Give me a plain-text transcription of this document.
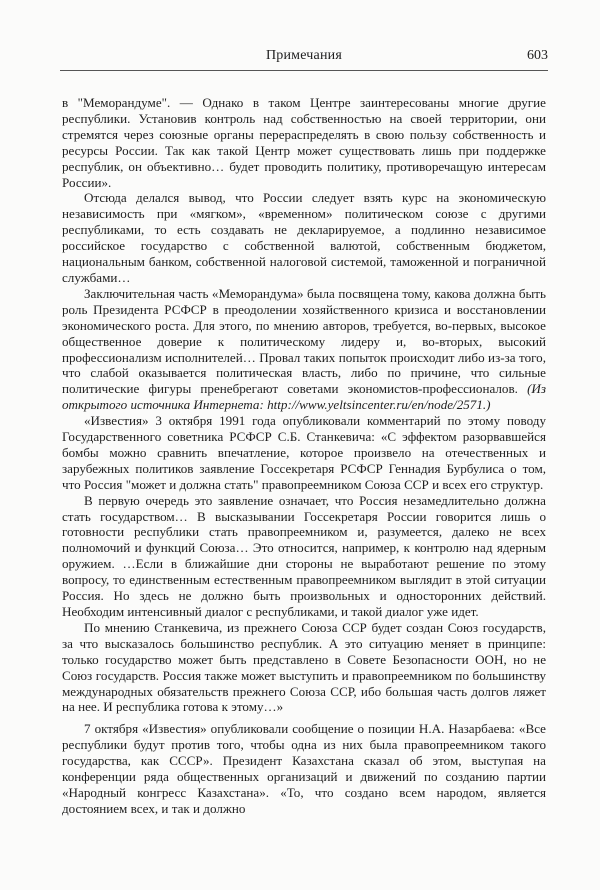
Примечания	603

в "Меморандуме". — Однако в таком Центре заинтересованы многие другие республики. Установив контроль над собственностью на своей территории, они стремятся через союзные органы перераспределять в свою пользу собственность и ресурсы России. Так как такой Центр может существовать лишь при поддержке республик, он объективно… будет проводить политику, противоречащую интересам России».

Отсюда делался вывод, что России следует взять курс на экономическую независимость при «мягком», «временном» политическом союзе с другими республиками, то есть создавать не декларируемое, а подлинно независимое российское государство с собственной валютой, собственным бюджетом, национальным банком, собственной налоговой системой, таможенной и пограничной службами…

Заключительная часть «Меморандума» была посвящена тому, какова должна быть роль Президента РСФСР в преодолении хозяйственного кризиса и восстановлении экономического роста. Для этого, по мнению авторов, требуется, во-первых, высокое общественное доверие к политическому лидеру и, во-вторых, высокий профессионализм исполнителей… Провал таких попыток происходит либо из-за того, что слабой оказывается политическая власть, либо по причине, что сильные политические фигуры пренебрегают советами экономистов-профессионалов. (Из открытого источника Интернета: http://www.yeltsincenter.ru/en/node/2571.)

«Известия» 3 октября 1991 года опубликовали комментарий по этому поводу Государственного советника РСФСР С.Б. Станкевича: «С эффектом разорвавшейся бомбы можно сравнить впечатление, которое произвело на отечественных и зарубежных политиков заявление Госсекретаря РСФСР Геннадия Бурбулиса о том, что Россия "может и должна стать" правопреемником Союза ССР и всех его структур.

В первую очередь это заявление означает, что Россия незамедлительно должна стать государством… В высказывании Госсекретаря России говорится лишь о готовности республики стать правопреемником и, разумеется, далеко не всех полномочий и функций Союза… Это относится, например, к контролю над ядерным оружием. …Если в ближайшие дни стороны не выработают решение по этому вопросу, то единственным естественным правопреемником выглядит в этой ситуации Россия. Но здесь не должно быть произвольных и односторонних действий. Необходим интенсивный диалог с республиками, и такой диалог уже идет.

По мнению Станкевича, из прежнего Союза ССР будет создан Союз государств, за что высказалось большинство республик. А это ситуацию меняет в принципе: только государство может быть представлено в Совете Безопасности ООН, но не Союз государств. Россия также может выступить и правопреемником по большинству международных обязательств прежнего Союза ССР, ибо большая часть долгов ляжет на нее. И республика готова к этому…»

7 октября «Известия» опубликовали сообщение о позиции Н.А. Назарбаева: «Все республики будут против того, чтобы одна из них была правопреемником такого государства, как СССР». Президент Казахстана сказал об этом, выступая на конференции ряда общественных организаций и движений по созданию партии «Народный конгресс Казахстана». «То, что создано всем народом, является достоянием всех, и так и должно
